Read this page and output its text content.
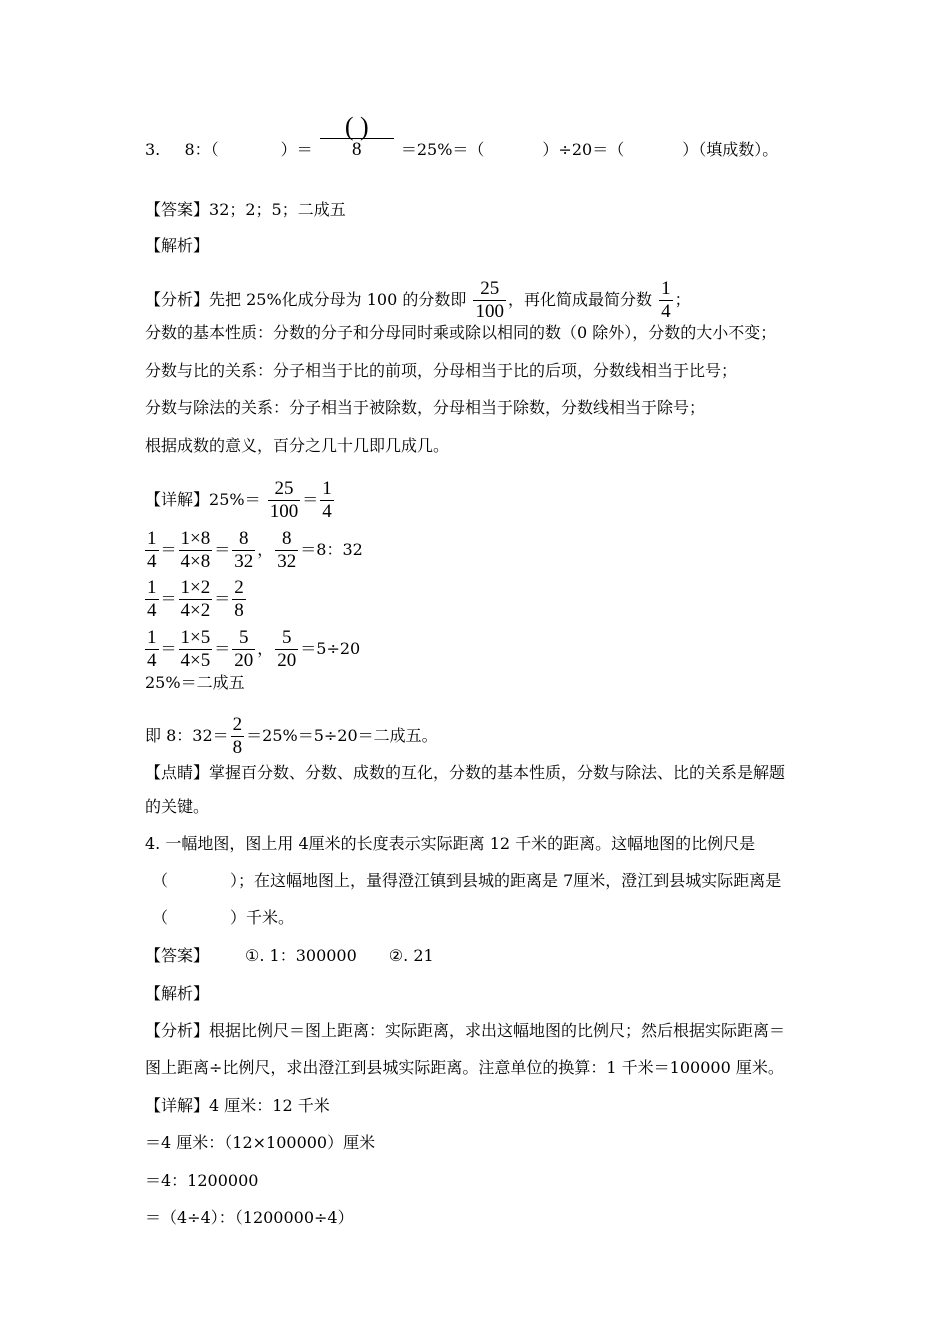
3. 8：（	）＝ $\frac{( )}{8} =25\%=$（	）÷20＝（	）（填成数）。
【答案】32；2；5；二成五
【解析】
【分析】先把 25%化成分母为 100 的分数即 $\frac{25}{100}$ ，再化简成最简分数 $\frac{1}{4}$ ；
分数的基本性质：分数的分子和分母同时乘或除以相同的数（0 除外），分数的大小不变；
分数与比的关系：分子相当于比的前项，分母相当于比的后项，分数线相当于比号；
分数与除法的关系：分子相当于被除数，分母相当于除数，分数线相当于除号；
根据成数的意义，百分之几十几即几成几。
【详解】$25\%= \frac{25}{100} = \frac{1}{4}$
$\frac{1}{4} = \frac{1\times 8}{4\times 8} = \frac{8}{32}$ ， $\frac{8}{32} =8$：32
$\frac{1}{4} = \frac{1\times 2}{4\times 2} = \frac{2}{8}$
$\frac{1}{4} = \frac{1\times 5}{4\times 5} = \frac{5}{20}$ ， $\frac{5}{20} =5\div 20$
25%＝二成五
即 8：$32= \frac{2}{8} =25\%=5\div 20=$二成五。
【点睛】掌握百分数、分数、成数的互化，分数的基本性质，分数与除法、比的关系是解题
的关键。
4. 一幅地图，图上用 4厘米的长度表示实际距离 12 千米的距离。这幅地图的比例尺是
（	）；在这幅地图上，量得澄江镇到县城的距离是 7厘米，澄江到县城实际距离是
（	）千米。
【答案】 ①. 1：300000 ②. 21
【解析】
【分析】根据比例尺＝图上距离：实际距离，求出这幅地图的比例尺；然后根据实际距离＝
图上距离÷比例尺，求出澄江到县城实际距离。注意单位的换算：1 千米＝100000 厘米。
【详解】4 厘米：12 千米
＝4 厘米：（12×100000）厘米
＝4：1200000
＝（4÷4）：（1200000÷4）
